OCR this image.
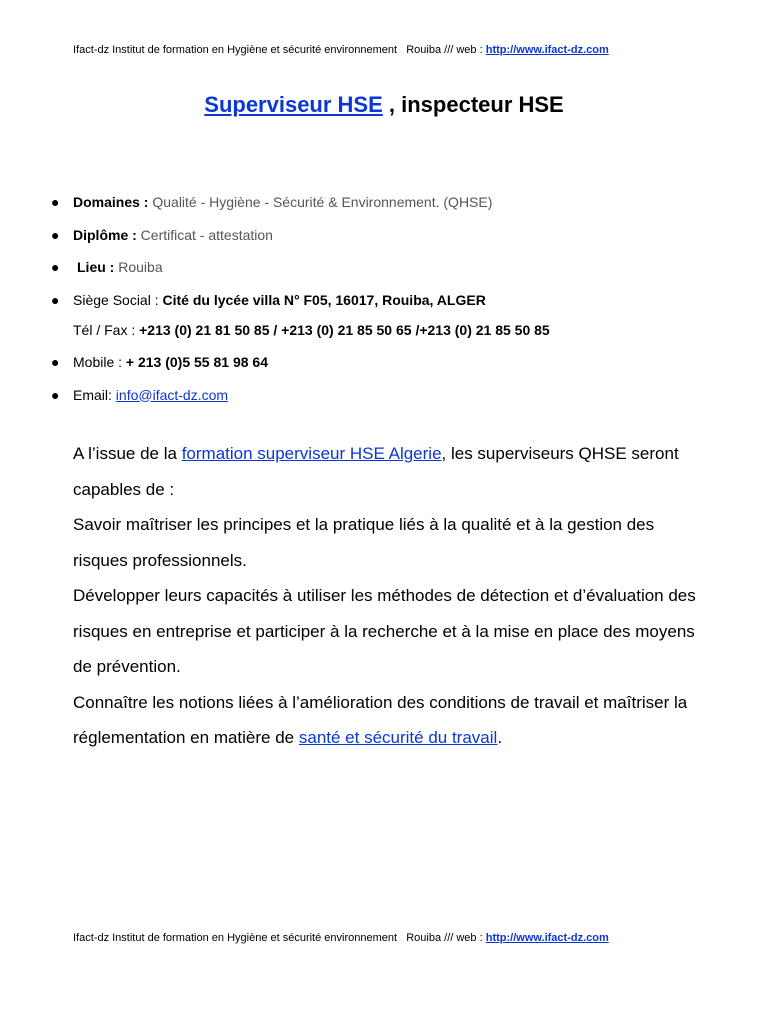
Ifact-dz Institut de formation en Hygiène et sécurité environnement   Rouiba /// web : http://www.ifact-dz.com
Superviseur HSE , inspecteur HSE
● Domaines : Qualité - Hygiène - Sécurité & Environnement. (QHSE)
● Diplôme : Certificat - attestation
● Lieu : Rouiba
● Siège Social : Cité du lycée villa N° F05, 16017, Rouiba, ALGER
Tél / Fax : +213 (0) 21 81 50 85 / +213 (0) 21 85 50 65 /+213 (0) 21 85 50 85
● Mobile : + 213 (0)5 55 81 98 64
● Email: info@ifact-dz.com

A l’issue de la formation superviseur HSE Algerie, les superviseurs QHSE seront capables de :

Savoir maîtriser les principes et la pratique liés à la qualité et à la gestion des risques professionnels.

Développer leurs capacités à utiliser les méthodes de détection et d’évaluation des risques en entreprise et participer à la recherche et à la mise en place des moyens de prévention.

Connaître les notions liées à l’amélioration des conditions de travail et maîtriser la réglementation en matière de santé et sécurité du travail.

Ifact-dz Institut de formation en Hygiène et sécurité environnement   Rouiba /// web : http://www.ifact-dz.com
